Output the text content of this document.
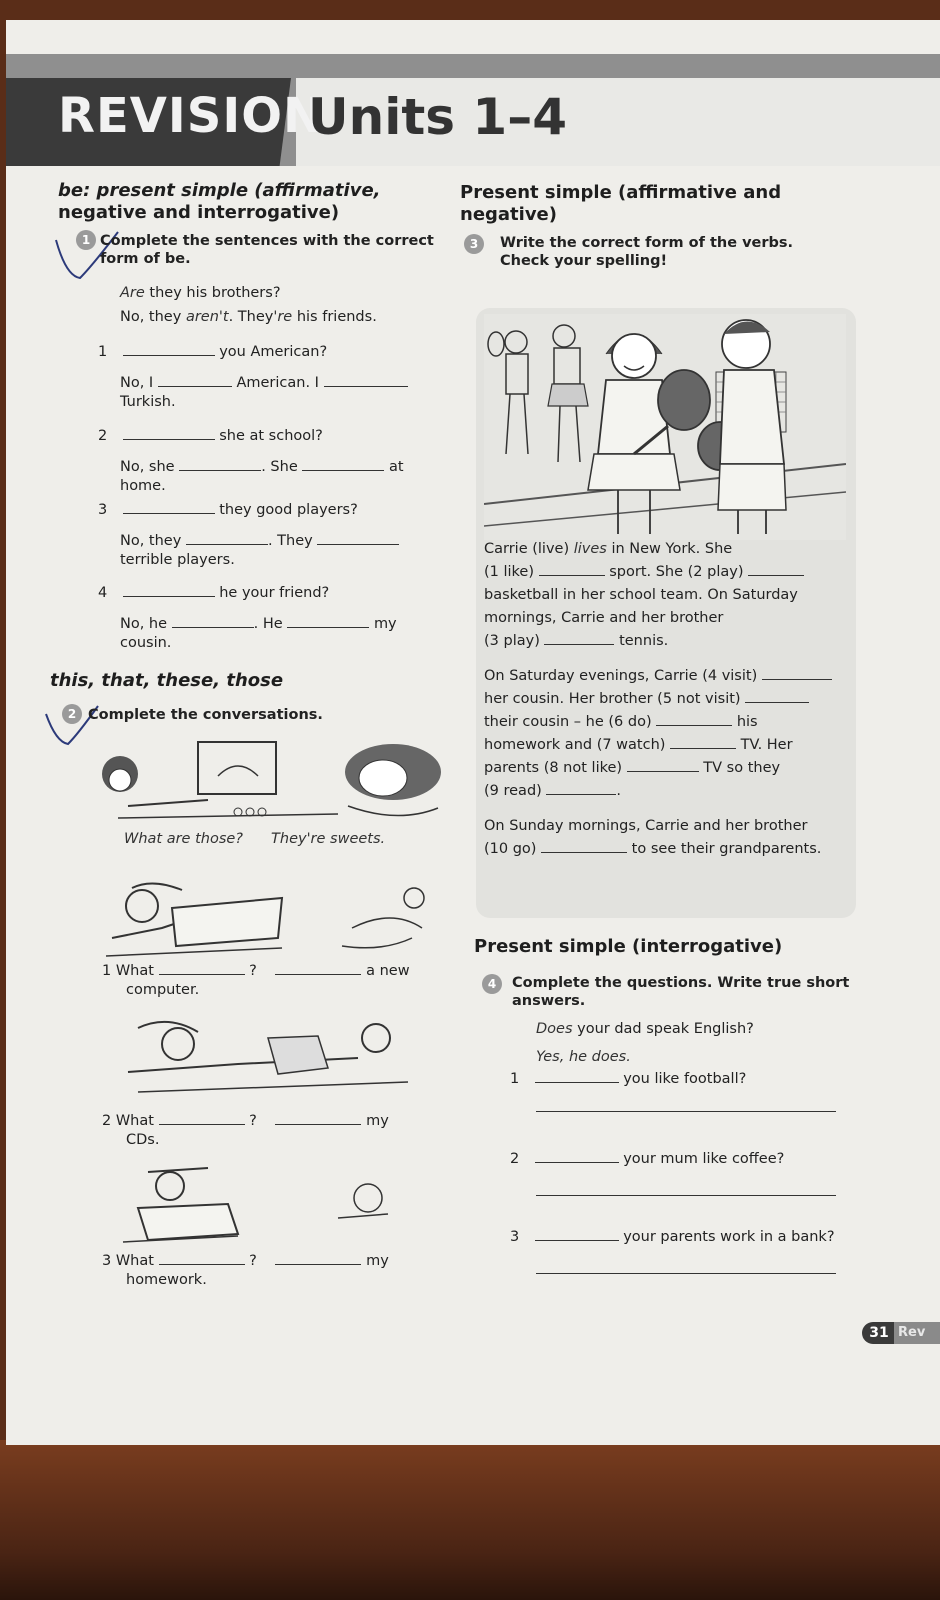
REVISION
Units 1–4
be: present simple (affirmative,
negative and interrogative)
1 Complete the sentences with the correct
form of be.
Are they his brothers?
No, they aren't. They're his friends.
1	you American?
No, I	American. I
Turkish.
2	she at school?
No, she	. She	at
home.
3	they good players?
No, they	. They
terrible players.
4	he your friend?
No, he	. He	my
cousin.
this, that, these, those
2 Complete the conversations.
What are those? They're sweets.
1 What	?	a new
computer.
2 What	?	my
CDs.
3 What	?	my
homework.
Present simple (affirmative and
negative)
3	Write the correct form of the verbs.
Check your spelling!
Carrie (live) lives in New York. She
(1 like)	sport. She (2 play)
basketball in her school team. On Saturday
mornings, Carrie and her brother
(3 play)	tennis.
On Saturday evenings, Carrie (4 visit)
her cousin. Her brother (5 not visit)
their cousin – he (6 do)	his
homework and (7 watch)	TV. Her
parents (8 not like)	TV so they
(9 read)	.
On Sunday mornings, Carrie and her brother
(10 go)	to see their grandparents.
Present simple (interrogative)
4	Complete the questions. Write true short
answers.
Does your dad speak English?
Yes, he does.
1	you like football?
2	your mum like coffee?
3	your parents work in a bank?
31 Rev
